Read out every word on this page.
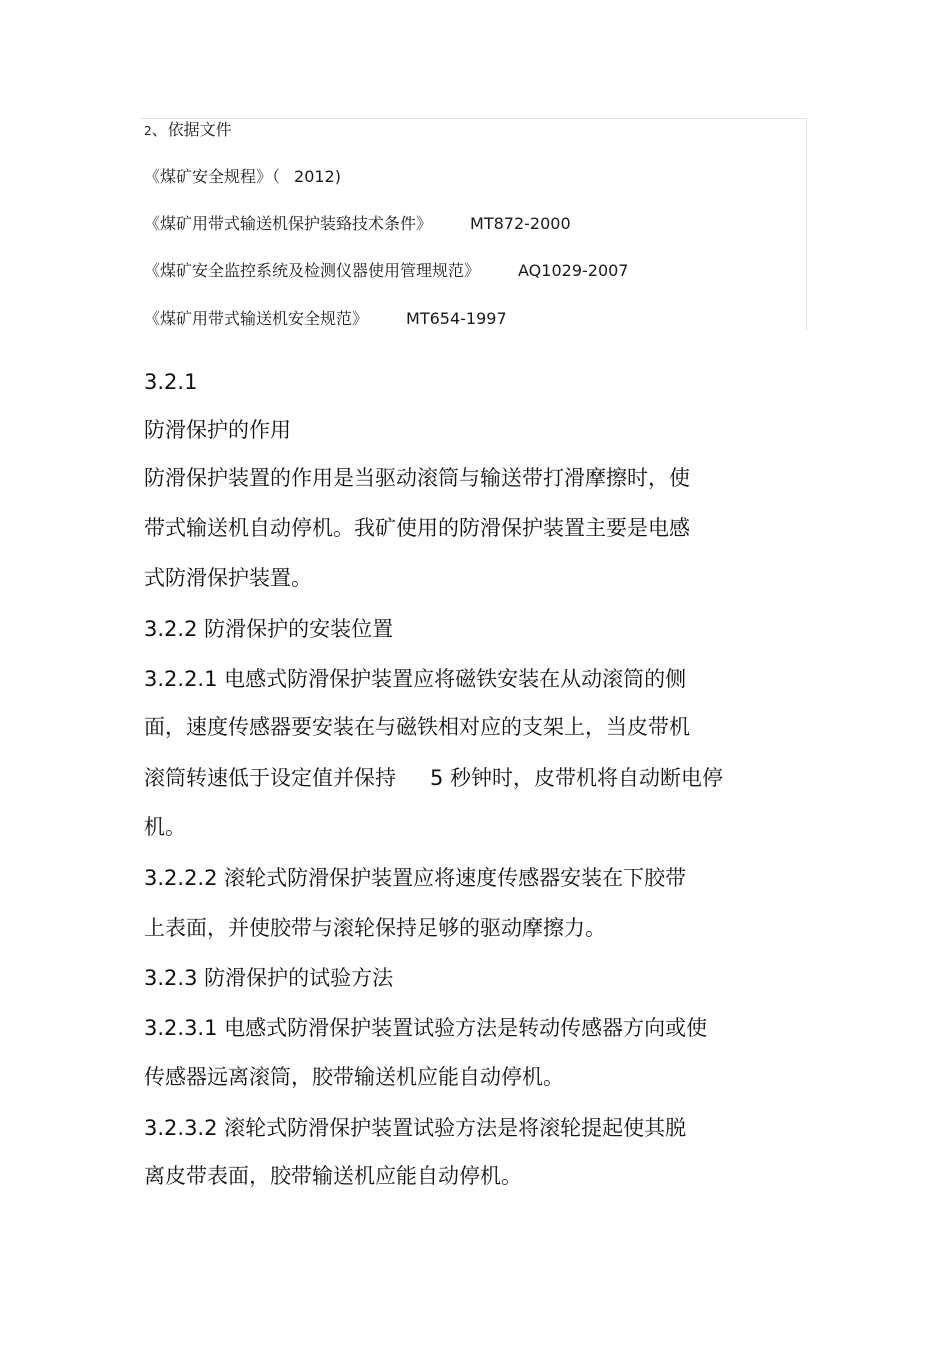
2、依据文件
《煤矿安全规程》（ 2012)
《煤矿用带式输送机保护装臵技术条件》 MT872-2000
《煤矿安全监控系统及检测仪器使用管理规范》 AQ1029-2007
《煤矿用带式输送机安全规范》 MT654-1997
3.2.1
防滑保护的作用
防滑保护装置的作用是当驱动滚筒与输送带打滑摩擦时，使
带式输送机自动停机。我矿使用的防滑保护装置主要是电感
式防滑保护装置。
3.2.2 防滑保护的安装位置
3.2.2.1 电感式防滑保护装置应将磁铁安装在从动滚筒的侧
面，速度传感器要安装在与磁铁相对应的支架上，当皮带机
滚筒转速低于设定值并保持 5 秒钟时，皮带机将自动断电停
机。
3.2.2.2 滚轮式防滑保护装置应将速度传感器安装在下胶带
上表面，并使胶带与滚轮保持足够的驱动摩擦力。
3.2.3 防滑保护的试验方法
3.2.3.1 电感式防滑保护装置试验方法是转动传感器方向或使
传感器远离滚筒，胶带输送机应能自动停机。
3.2.3.2 滚轮式防滑保护装置试验方法是将滚轮提起使其脱
离皮带表面，胶带输送机应能自动停机。
